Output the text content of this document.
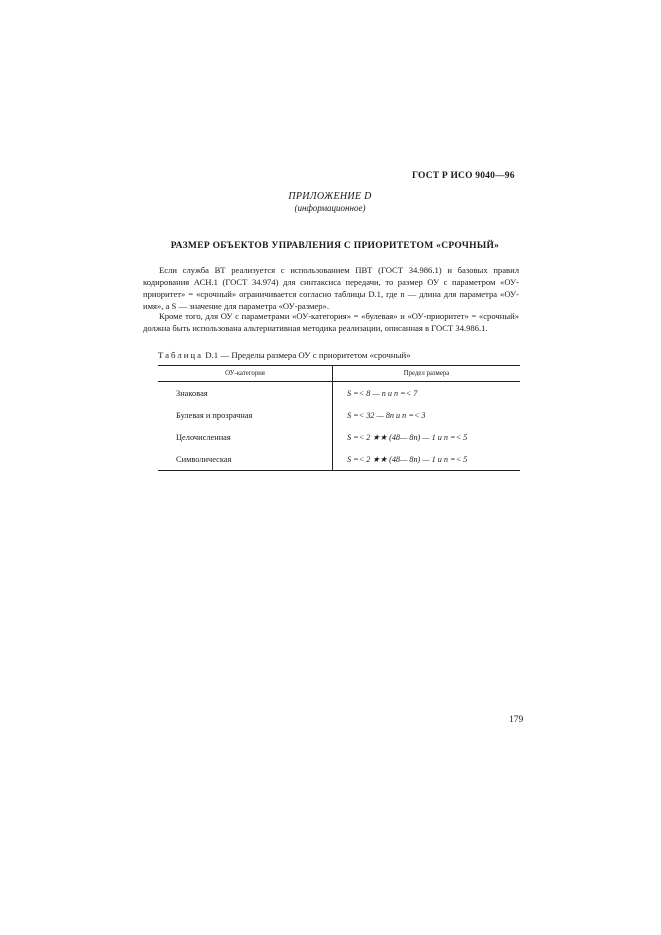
ГОСТ Р ИСО 9040—96
ПРИЛОЖЕНИЕ D
(информационное)
РАЗМЕР ОБЪЕКТОВ УПРАВЛЕНИЯ С ПРИОРИТЕТОМ «СРОЧНЫЙ»
Если служба ВТ реализуется с использованием ПВТ (ГОСТ 34.986.1) и базовых правил кодирования АСН.1 (ГОСТ 34.974) для синтаксиса передачи, то размер ОУ с параметром «ОУ-приоритет» = «срочный» ограничивается согласно таблицы D.1, где n — длина для параметра «ОУ-имя», а S — значение для параметра «ОУ-размер».
Кроме того, для ОУ с параметрами «ОУ-категория» = «булевая» и «ОУ-приоритет» = «срочный» должна быть использована альтернативная методика реализации, описанная в ГОСТ 34.986.1.
Таблица D.1 — Пределы размера ОУ с приоритетом «срочный»
ОУ-категория	Предел размера
Знаковая	S =< 8 — n и n =< 7
Булевая и прозрачная	S =< 32 — 8n и n =< 3
Целочисленная	S =< 2 ★★ (48— 8n) — 1 и n =< 5
Символическая	S =< 2 ★★ (48— 8n) — 1 и n =< 5
179
